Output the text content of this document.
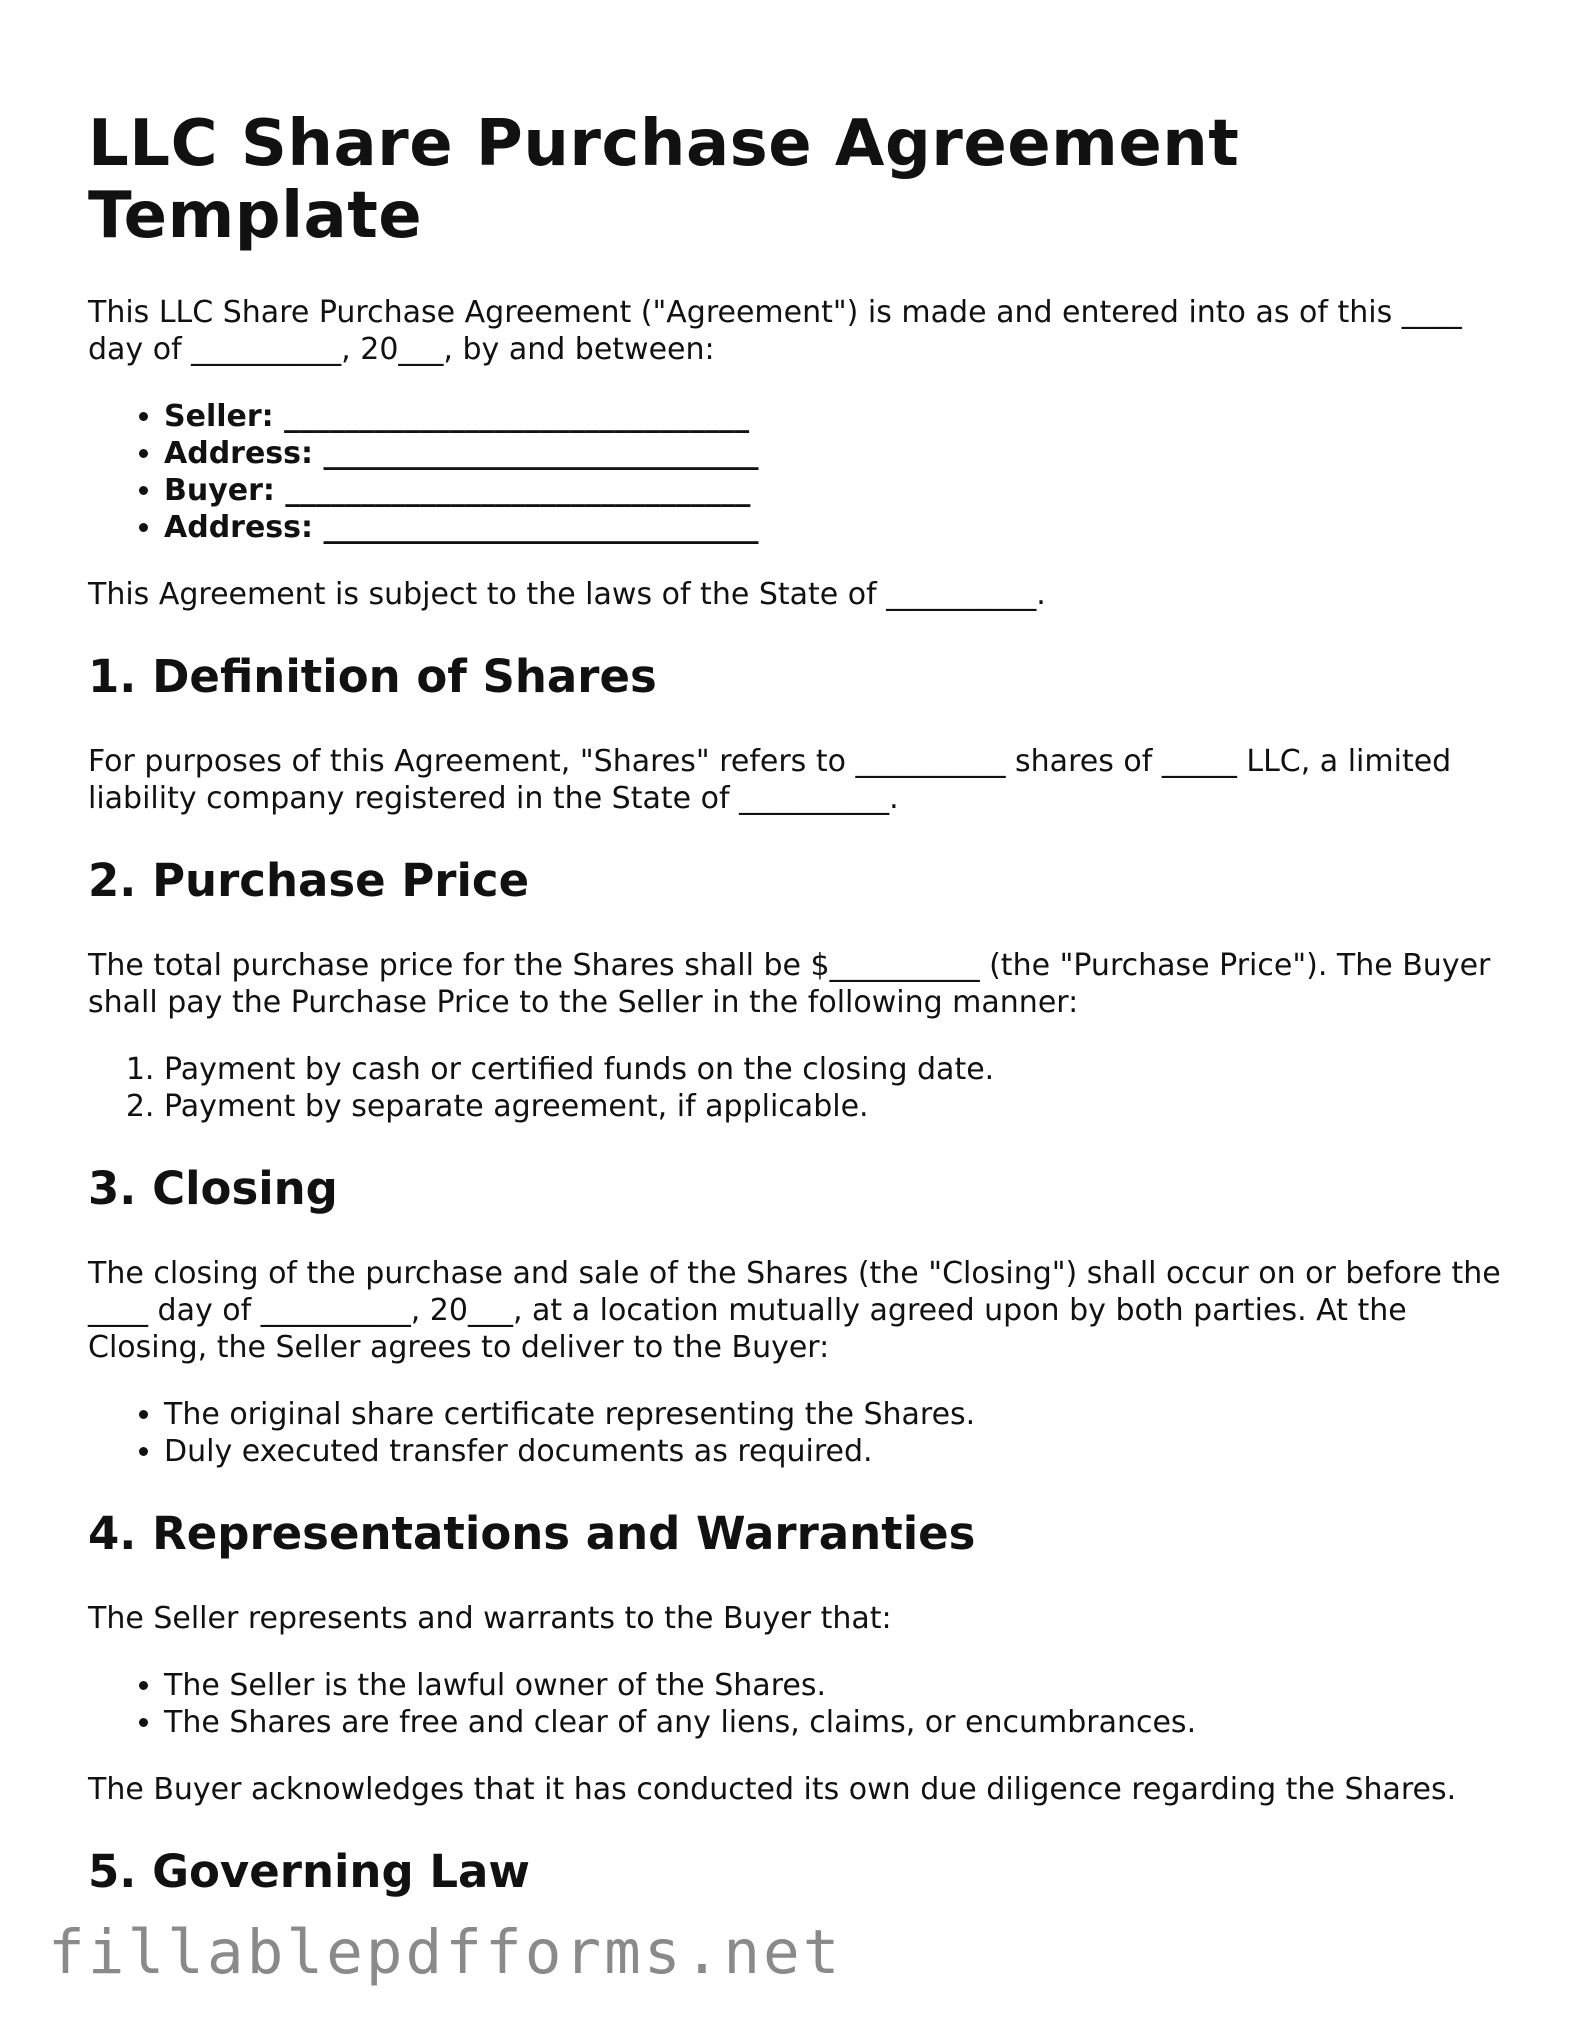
LLC Share Purchase Agreement Template

This LLC Share Purchase Agreement ("Agreement") is made and entered into as of this ____ day of __________, 20___, by and between:

• Seller: _______________________________
• Address: _____________________________
• Buyer: _______________________________
• Address: _____________________________

This Agreement is subject to the laws of the State of __________.

1. Definition of Shares

For purposes of this Agreement, "Shares" refers to __________ shares of _____ LLC, a limited liability company registered in the State of __________.

2. Purchase Price

The total purchase price for the Shares shall be $__________ (the "Purchase Price"). The Buyer shall pay the Purchase Price to the Seller in the following manner:

1. Payment by cash or certified funds on the closing date.
2. Payment by separate agreement, if applicable.
3. Closing

The closing of the purchase and sale of the Shares (the "Closing") shall occur on or before the ____ day of __________, 20___, at a location mutually agreed upon by both parties. At the Closing, the Seller agrees to deliver to the Buyer:

• The original share certificate representing the Shares.
• Duly executed transfer documents as required.
4. Representations and Warranties

The Seller represents and warrants to the Buyer that:

• The Seller is the lawful owner of the Shares.
• The Shares are free and clear of any liens, claims, or encumbrances.

The Buyer acknowledges that it has conducted its own due diligence regarding the Shares.

5. Governing Law
fillablepdfforms.net
